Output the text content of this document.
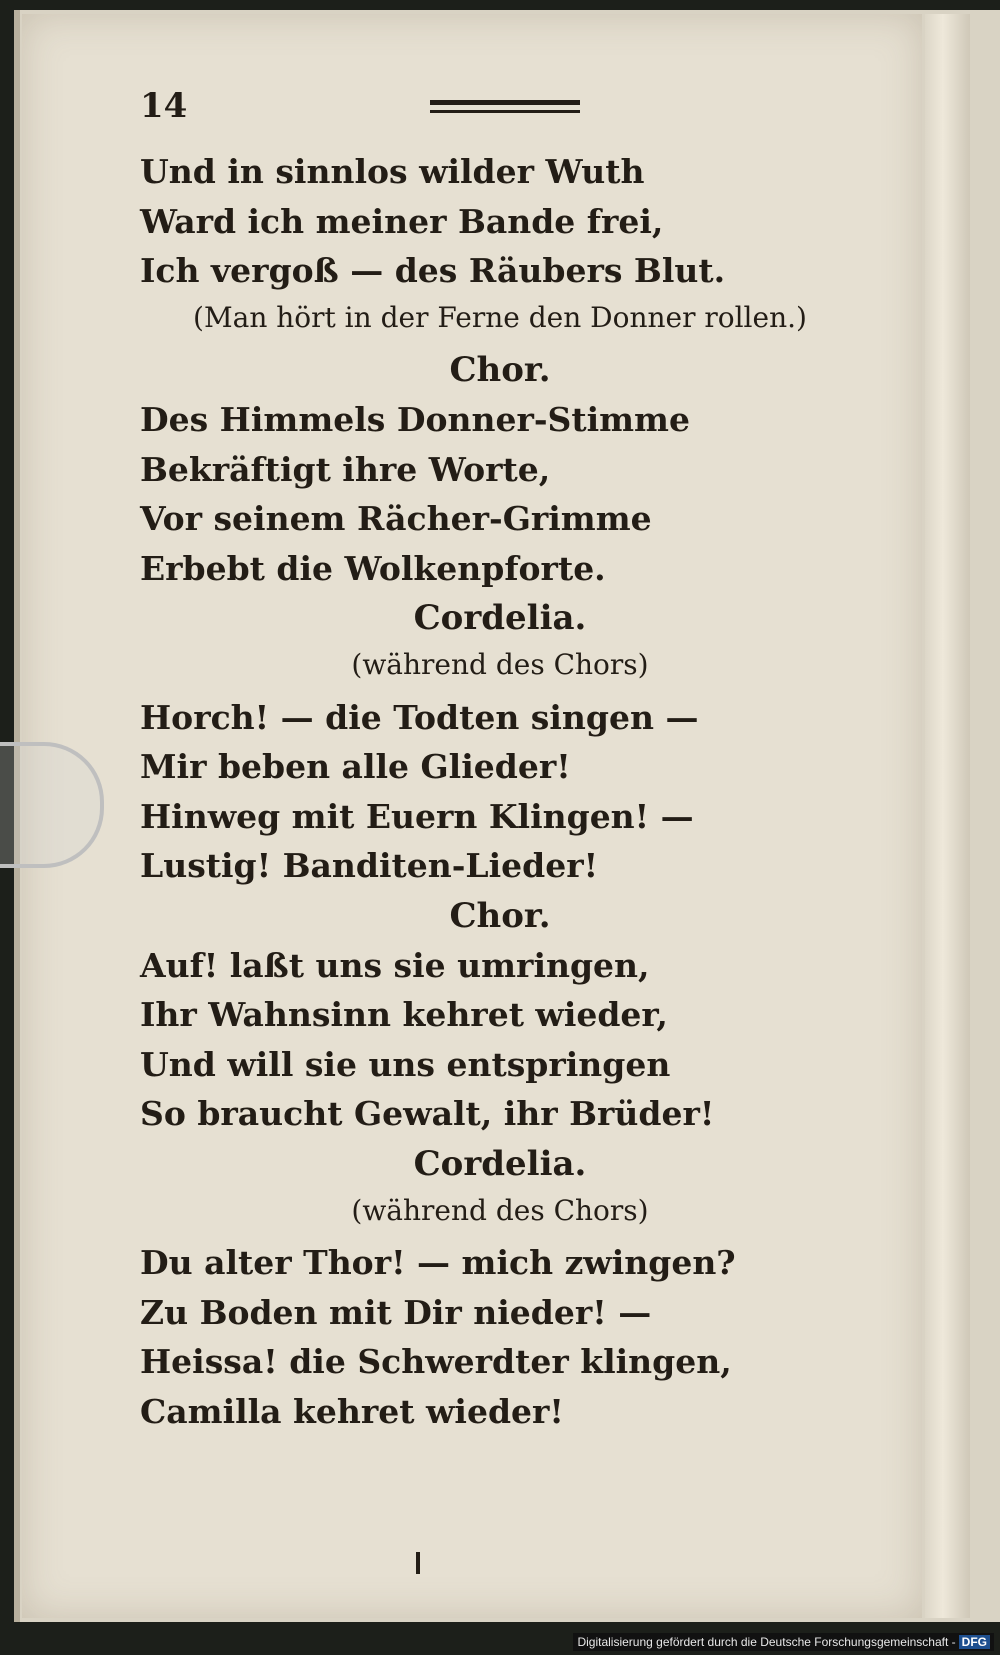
14
Und in sinnlos wilder Wuth
Ward ich meiner Bande frei,
Ich vergoß — des Räubers Blut.
(Man hört in der Ferne den Donner rollen.)
Chor.
Des Himmels Donner-Stimme
Bekräftigt ihre Worte,
Vor seinem Rächer-Grimme
Erbebt die Wolkenpforte.
Cordelia.
(während des Chors)
Horch! — die Todten singen —
Mir beben alle Glieder!
Hinweg mit Euern Klingen! —
Lustig! Banditen-Lieder!
Chor.
Auf! laßt uns sie umringen,
Ihr Wahnsinn kehret wieder,
Und will sie uns entspringen
So braucht Gewalt, ihr Brüder!
Cordelia.
(während des Chors)
Du alter Thor! — mich zwingen?
Zu Boden mit Dir nieder! —
Heissa! die Schwerdter klingen,
Camilla kehret wieder!
Digitalisierung gefördert durch die Deutsche Forschungsgemeinschaft - DFG
